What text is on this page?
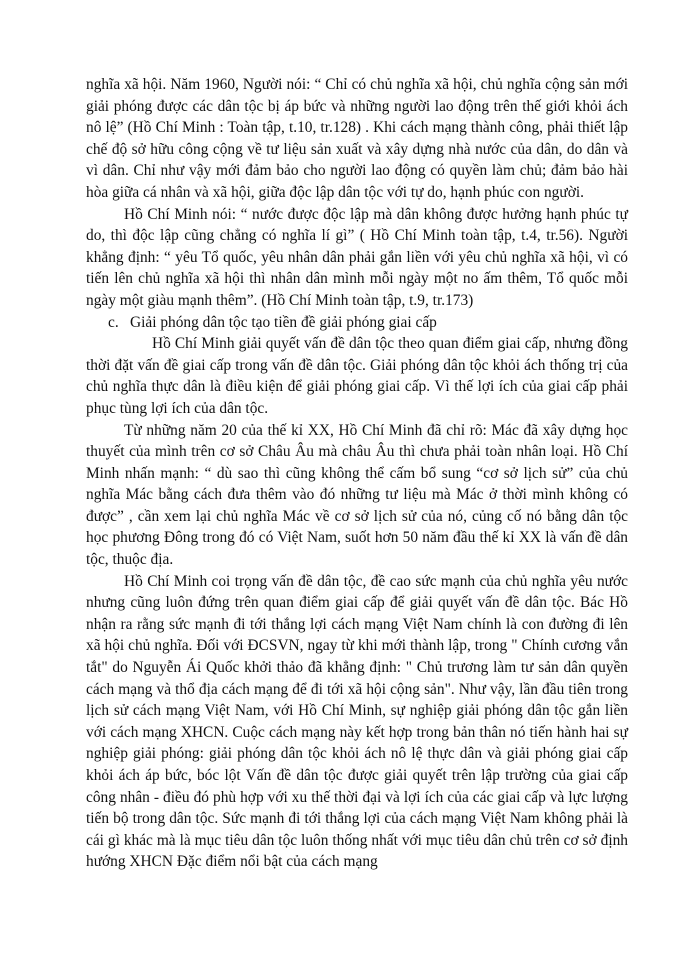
nghĩa xã hội. Năm 1960, Người nói: “ Chỉ có chủ nghĩa xã hội, chủ nghĩa cộng sản mới giải phóng được các dân tộc bị áp bức và những người lao động trên thế giới khỏi ách nô lệ” (Hồ Chí Minh : Toàn tập, t.10, tr.128) . Khi cách mạng thành công, phải thiết lập chế độ sở hữu công cộng về tư liệu sản xuất và xây dựng nhà nước của dân, do dân và vì dân. Chỉ như vậy mới đảm bảo cho người lao động có quyền làm chủ; đảm bảo hài hòa giữa cá nhân và xã hội, giữa độc lập dân tộc với tự do, hạnh phúc con người.

Hồ Chí Minh nói: “ nước được độc lập mà dân không được hưởng hạnh phúc tự do, thì độc lập cũng chẳng có nghĩa lí gì” ( Hồ Chí Minh toàn tập, t.4, tr.56). Người khẳng định: “ yêu Tổ quốc, yêu nhân dân phải gắn liền với yêu chủ nghĩa xã hội, vì có tiến lên chủ nghĩa xã hội thì nhân dân mình mỗi ngày một no ấm thêm, Tổ quốc mỗi ngày một giàu mạnh thêm”. (Hồ Chí Minh toàn tập, t.9, tr.173)

c. Giải phóng dân tộc tạo tiền đề giải phóng giai cấp

Hồ Chí Minh giải quyết vấn đề dân tộc theo quan điểm giai cấp, nhưng đồng thời đặt vấn đề giai cấp trong vấn đề dân tộc. Giải phóng dân tộc khỏi ách thống trị của chủ nghĩa thực dân là điều kiện để giải phóng giai cấp. Vì thế lợi ích của giai cấp phải phục tùng lợi ích của dân tộc.

Từ những năm 20 của thế kỉ XX, Hồ Chí Minh đã chỉ rõ: Mác đã xây dựng học thuyết của mình trên cơ sở Châu Âu mà châu Âu thì chưa phải toàn nhân loại. Hồ Chí Minh nhấn mạnh: “ dù sao thì cũng không thể cấm bổ sung “cơ sở lịch sử” của chủ nghĩa Mác bằng cách đưa thêm vào đó những tư liệu mà Mác ở thời mình không có được” , cần xem lại chủ nghĩa Mác về cơ sở lịch sử của nó, củng cố nó bằng dân tộc học phương Đông trong đó có Việt Nam, suốt hơn 50 năm đầu thế kỉ XX là vấn đề dân tộc, thuộc địa.

Hồ Chí Minh coi trọng vấn đề dân tộc, đề cao sức mạnh của chủ nghĩa yêu nước nhưng cũng luôn đứng trên quan điểm giai cấp để giải quyết vấn đề dân tộc. Bác Hồ nhận ra rằng sức mạnh đi tới thắng lợi cách mạng Việt Nam chính là con đường đi lên xã hội chủ nghĩa. Đối với ĐCSVN, ngay từ khi mới thành lập, trong " Chính cương vắn tắt" do Nguyễn Ái Quốc khởi thảo đã khẳng định: " Chủ trương làm tư sản dân quyền cách mạng và thổ địa cách mạng để đi tới xã hội cộng sản". Như vậy, lần đầu tiên trong lịch sử cách mạng Việt Nam, với Hồ Chí Minh, sự nghiệp giải phóng dân tộc gắn liền với cách mạng XHCN. Cuộc cách mạng này kết hợp trong bản thân nó tiến hành hai sự nghiệp giải phóng: giải phóng dân tộc khỏi ách nô lệ thực dân và giải phóng giai cấp khỏi ách áp bức, bóc lột Vấn đề dân tộc được giải quyết trên lập trường của giai cấp công nhân - điều đó phù hợp với xu thế thời đại và lợi ích của các giai cấp và lực lượng tiến bộ trong dân tộc. Sức mạnh đi tới thắng lợi của cách mạng Việt Nam không phải là cái gì khác mà là mục tiêu dân tộc luôn thống nhất với mục tiêu dân chủ trên cơ sở định hướng XHCN Đặc điểm nổi bật của cách mạng
